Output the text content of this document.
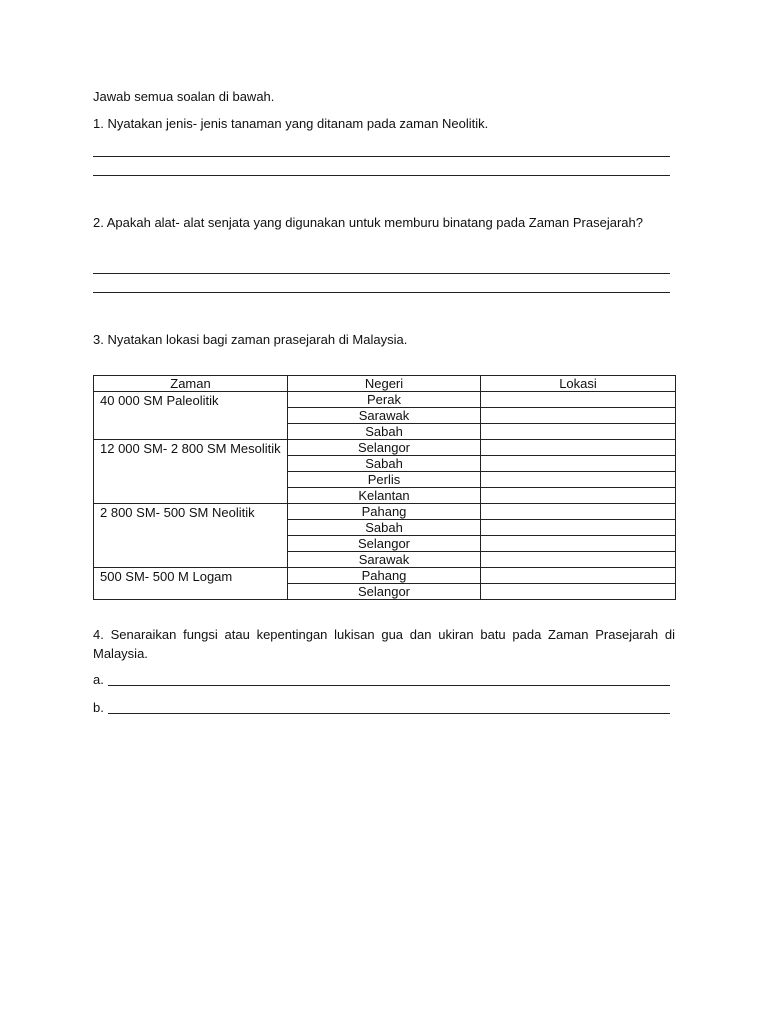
Jawab semua soalan di bawah.

1. Nyatakan jenis- jenis tanaman yang ditanam pada zaman Neolitik.

2. Apakah alat- alat senjata yang digunakan untuk memburu binatang pada Zaman Prasejarah?

3. Nyatakan lokasi bagi zaman prasejarah di Malaysia.

Zaman	Negeri	Lokasi
40 000 SM Paleolitik	Perak	
	Sarawak	
	Sabah	
12 000 SM- 2 800 SM Mesolitik	Selangor	
	Sabah	
	Perlis	
	Kelantan	
2 800 SM- 500 SM Neolitik	Pahang	
	Sabah	
	Selangor	
	Sarawak	
500 SM- 500 M Logam	Pahang	
	Selangor	

4. Senaraikan fungsi atau kepentingan lukisan gua dan ukiran batu pada Zaman Prasejarah di Malaysia.

a.
b.
